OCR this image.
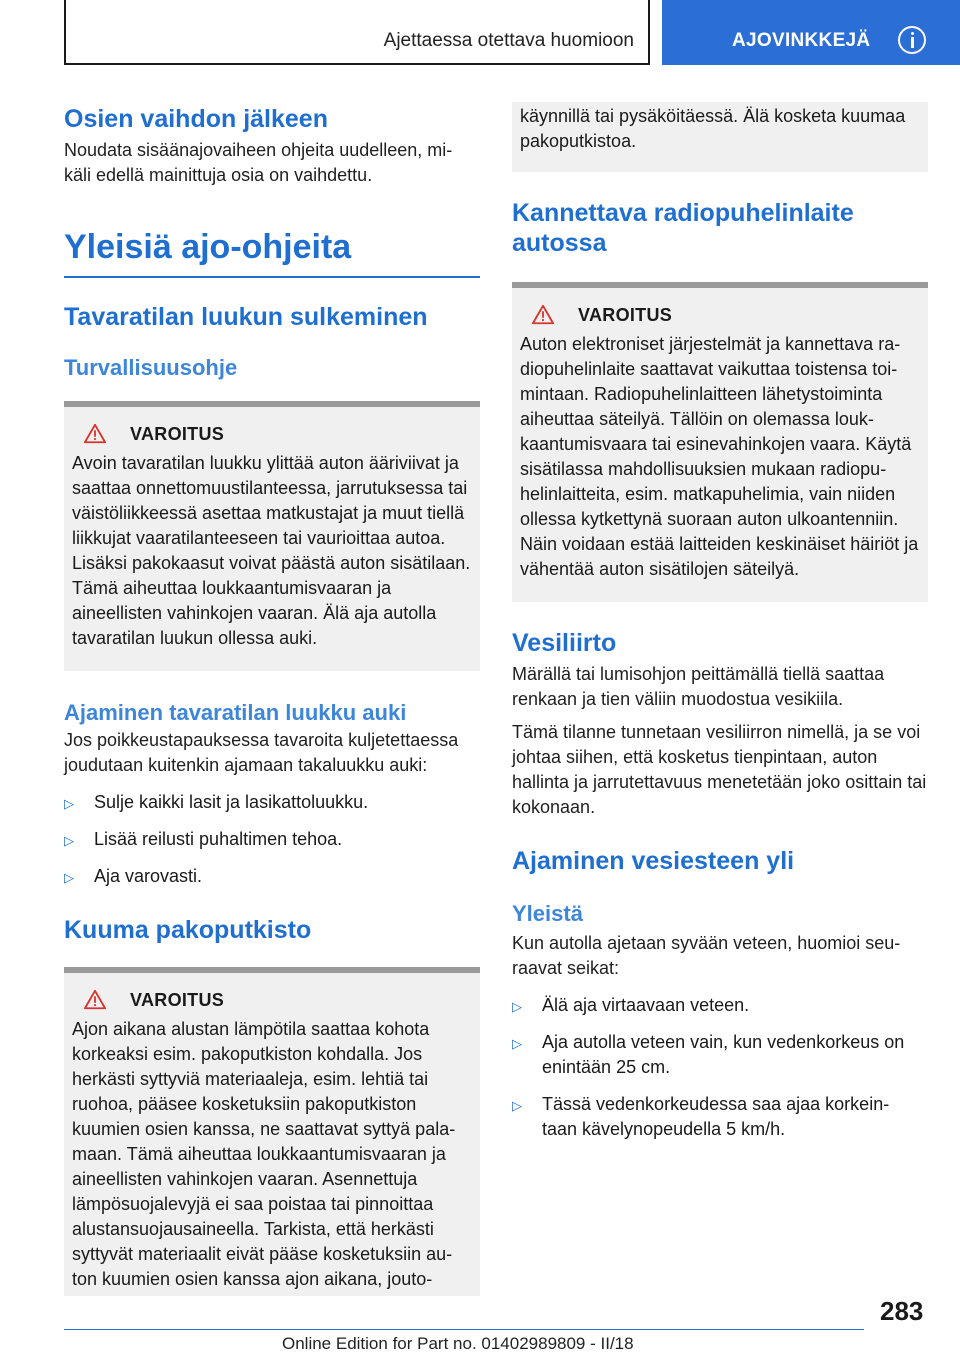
Ajettaessa otettava huomioon	AJOVINKKEJÄ
Osien vaihdon jälkeen
Noudata sisäänajovaiheen ohjeita uudelleen, mi‐ käli edellä mainittuja osia on vaihdettu.
Yleisiä ajo-ohjeita
Tavaratilan luukun sulkeminen
Turvallisuusohje
VAROITUS
Avoin tavaratilan luukku ylittää auton ääriviivat ja saattaa onnettomuustilanteessa, jarrutuksessa tai väistöliikkeessä asettaa matkustajat ja muut tiellä liikkujat vaaratilanteeseen tai vaurioittaa autoa. Lisäksi pakokaasut voivat päästä auton sisätilaan. Tämä aiheuttaa loukkaantumisvaaran ja aineellisten vahinkojen vaaran. Älä aja autolla tavaratilan luukun ollessa auki.
Ajaminen tavaratilan luukku auki
Jos poikkeustapauksessa tavaroita kuljetettaessa joudutaan kuitenkin ajamaan takaluukku auki:
▷ Sulje kaikki lasit ja lasikattoluukku.
▷ Lisää reilusti puhaltimen tehoa.
▷ Aja varovasti.
Kuuma pakoputkisto
VAROITUS
Ajon aikana alustan lämpötila saattaa kohota korkeaksi esim. pakoputkiston kohdalla. Jos herkästi syttyviä materiaaleja, esim. lehtiä tai ruohoa, pääsee kosketuksiin pakoputkiston kuumien osien kanssa, ne saattavat syttyä pala‐ maan. Tämä aiheuttaa loukkaantumisvaaran ja aineellisten vahinkojen vaaran. Asennettuja lämpösuojalevyjä ei saa poistaa tai pinnoittaa alustansuojausaineella. Tarkista, että herkästi syttyvät materiaalit eivät pääse kosketuksiin au‐ ton kuumien osien kanssa ajon aikana, jouto‐
käynnillä tai pysäköitäessä. Älä kosketa kuumaa pakoputkistoa.
Kannettava radiopuhelinlaite autossa
VAROITUS
Auton elektroniset järjestelmät ja kannettava ra‐ diopuhelinlaite saattavat vaikuttaa toistensa toi‐ mintaan. Radiopuhelinlaitteen lähetystoiminta aiheuttaa säteilyä. Tällöin on olemassa louk‐ kaantumisvaara tai esinevahinkojen vaara. Käytä sisätilassa mahdollisuuksien mukaan radiopu‐ helinlaitteita, esim. matkapuhelimia, vain niiden ollessa kytkettynä suoraan auton ulkoantenniin. Näin voidaan estää laitteiden keskinäiset häiriöt ja vähentää auton sisätilojen säteilyä.
Vesiliirto
Märällä tai lumisohjon peittämällä tiellä saattaa renkaan ja tien väliin muodostua vesikiila.
Tämä tilanne tunnetaan vesiliirron nimellä, ja se voi johtaa siihen, että kosketus tienpintaan, auton hallinta ja jarrutettavuus menetetään joko osittain tai kokonaan.
Ajaminen vesiesteen yli
Yleistä
Kun autolla ajetaan syvään veteen, huomioi seu‐ raavat seikat:
▷ Älä aja virtaavaan veteen.
▷ Aja autolla veteen vain, kun vedenkorkeus on enintään 25 cm.
▷ Tässä vedenkorkeudessa saa ajaa korkein‐ taan kävelynopeudella 5 km/h.
283
Online Edition for Part no. 01402989809 - II/18
